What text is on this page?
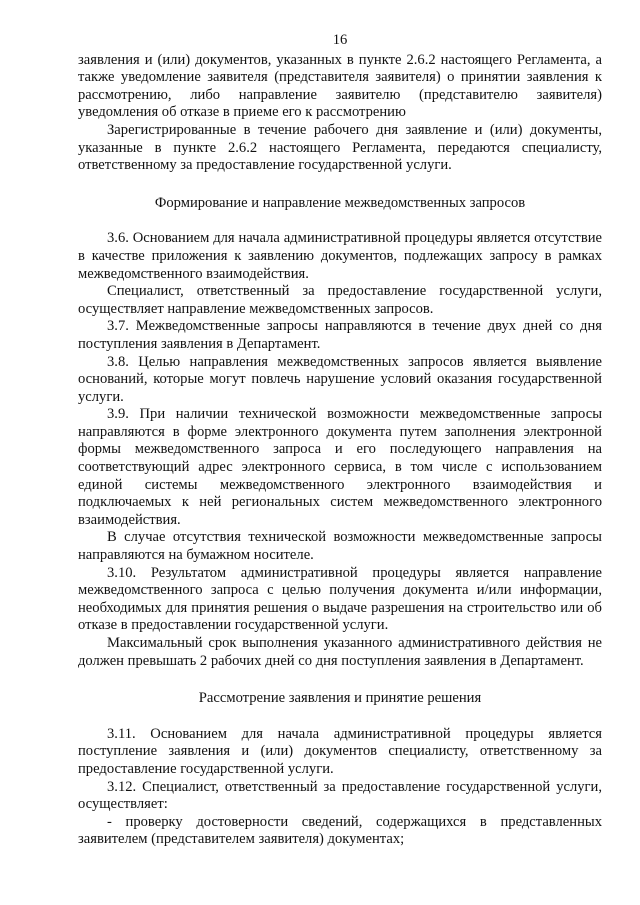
16

заявления и (или) документов, указанных в пункте 2.6.2 настоящего Регламента, а также уведомление заявителя (представителя заявителя) о принятии заявления к рассмотрению, либо направление заявителю (представителю заявителя) уведомления об отказе в приеме его к рассмотрению

Зарегистрированные в течение рабочего дня заявление и (или) документы, указанные в пункте 2.6.2 настоящего Регламента, передаются специалисту, ответственному за предоставление государственной услуги.

Формирование и направление межведомственных запросов

3.6. Основанием для начала административной процедуры является отсутствие в качестве приложения к заявлению документов, подлежащих запросу в рамках межведомственного взаимодействия.

Специалист, ответственный за предоставление государственной услуги, осуществляет направление межведомственных запросов.

3.7. Межведомственные запросы направляются в течение двух дней со дня поступления заявления в Департамент.

3.8. Целью направления межведомственных запросов является выявление оснований, которые могут повлечь нарушение условий оказания государственной услуги.

3.9. При наличии технической возможности межведомственные запросы направляются в форме электронного документа путем заполнения электронной формы межведомственного запроса и его последующего направления на соответствующий адрес электронного сервиса, в том числе с использованием единой системы межведомственного электронного взаимодействия и подключаемых к ней региональных систем межведомственного электронного взаимодействия.

В случае отсутствия технической возможности межведомственные запросы направляются на бумажном носителе.

3.10. Результатом административной процедуры является направление межведомственного запроса с целью получения документа и/или информации, необходимых для принятия решения о выдаче разрешения на строительство или об отказе в предоставлении государственной услуги.

Максимальный срок выполнения указанного административного действия не должен превышать 2 рабочих дней со дня поступления заявления в Департамент.

Рассмотрение заявления и принятие решения

3.11. Основанием для начала административной процедуры является поступление заявления и (или) документов специалисту, ответственному за предоставление государственной услуги.

3.12. Специалист, ответственный за предоставление государственной услуги, осуществляет:

- проверку достоверности сведений, содержащихся в представленных заявителем (представителем заявителя) документах;
